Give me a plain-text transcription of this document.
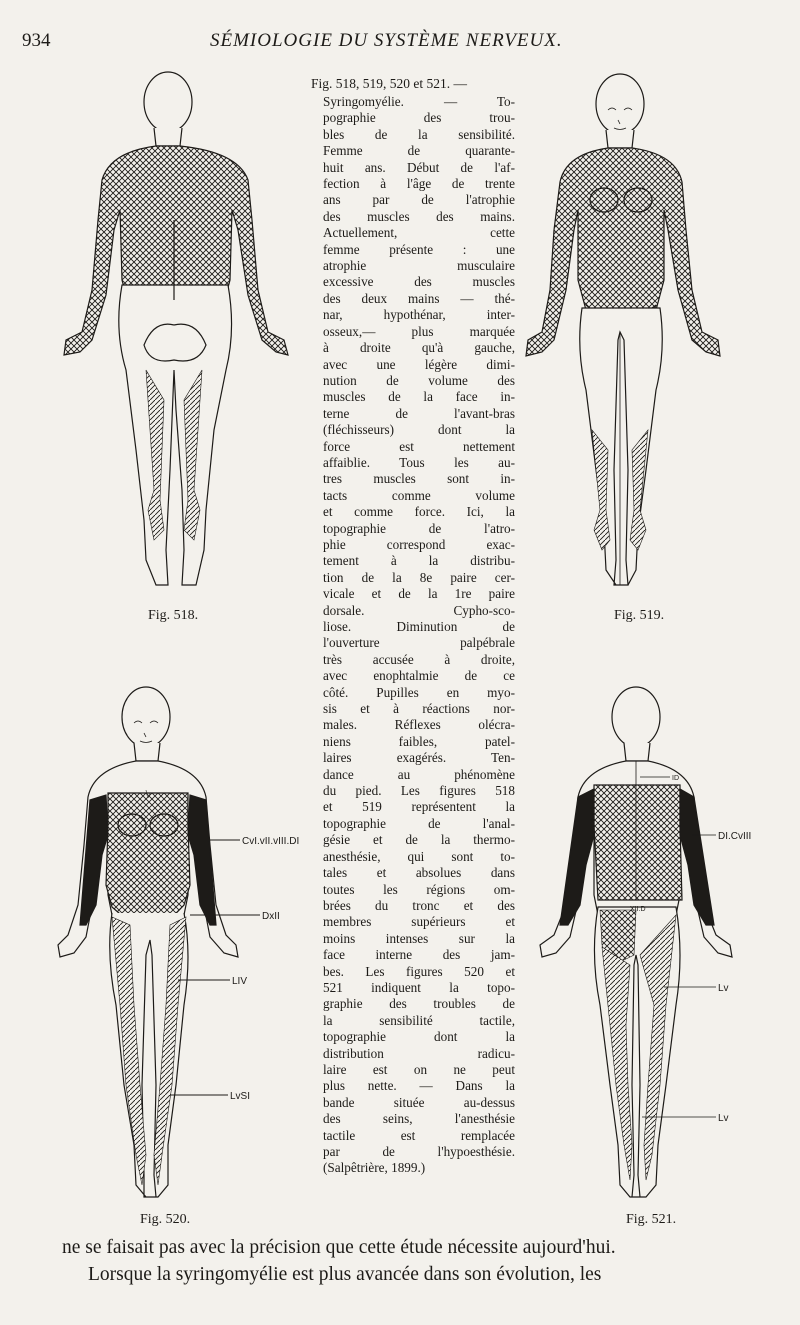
934	SÉMIOLOGIE DU SYSTÈME NERVEUX.
Fig. 518, 519, 520 et 521. —
Syringomyélie. — To-
pographie des trou-
bles de la sensibilité.
Femme de quarante-
huit ans. Début de l'af-
fection à l'âge de trente
ans par de l'atrophie
des muscles des mains.
Actuellement, cette
femme présente : une
atrophie musculaire
excessive des muscles
des deux mains — thé-
nar, hypothénar, inter-
osseux,— plus marquée
à droite qu'à gauche,
avec une légère dimi-
nution de volume des
muscles de la face in-
terne de l'avant-bras
(fléchisseurs) dont la
force est nettement
affaiblie. Tous les au-
tres muscles sont in-
tacts comme volume
et comme force. Ici, la
topographie de l'atro-
phie correspond exac-
tement à la distribu-
tion de la 8e paire cer-
vicale et de la 1re paire
dorsale. Cypho-sco-
liose. Diminution de
l'ouverture palpébrale
très accusée à droite,
avec enophtalmie de ce
côté. Pupilles en myo-
sis et à réactions nor-
males. Réflexes olécra-
niens faibles, patel-
laires exagérés. Ten-
dance au phénomène
du pied. Les figures 518
et 519 représentent la
topographie de l'anal-
gésie et de la thermo-
anesthésie, qui sont to-
tales et absolues dans
toutes les régions om-
brées du tronc et des
membres supérieurs et
moins intenses sur la
face interne des jam-
bes. Les figures 520 et
521 indiquent la topo-
graphie des troubles de
la sensibilité tactile,
topographie dont la
distribution radicu-
laire est on ne peut
plus nette. — Dans la
bande située au-dessus
des seins, l'anesthésie
tactile est remplacée
par de l'hypoesthésie.
(Salpêtrière, 1899.)
Fig. 518.	Fig. 519.
CvI.vII.vIII.DI
DxII
LIV
LvSI
Fig. 520.
ID
DI.CvIII
XII.D
Lv
Lv
Fig. 521.
ne se faisait pas avec la précision que cette étude nécessite aujourd'hui.
Lorsque la syringomyélie est plus avancée dans son évolution, les
